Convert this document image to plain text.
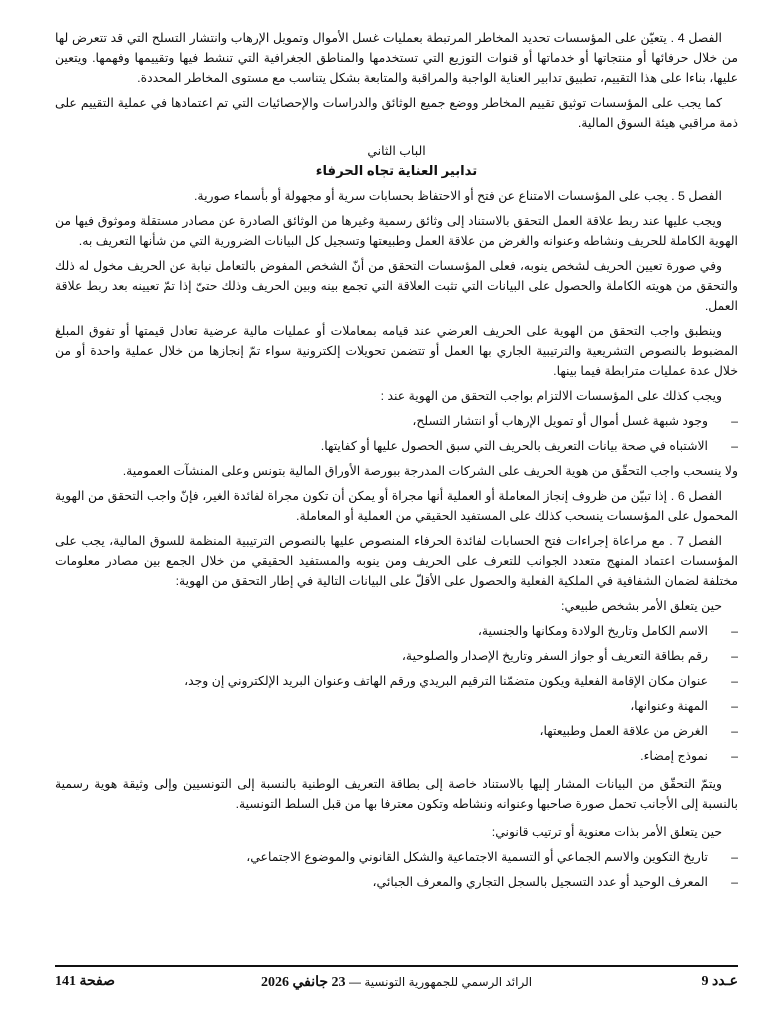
الفصل 4 . يتعيّن على المؤسسات تحديد المخاطر المرتبطة بعمليات غسل الأموال وتمويل الإرهاب وانتشار التسلح التي قد تتعرض لها من خلال حرفائها أو منتجاتها أو خدماتها أو قنوات التوزيع التي تستخدمها والمناطق الجغرافية التي تنشط فيها وتقييمها وفهمها. ويتعين عليها، بناءا على هذا التقييم، تطبيق تدابير العناية الواجبة والمراقبة والمتابعة بشكل يتناسب مع مستوى المخاطر المحددة.

كما يجب على المؤسسات توثيق تقييم المخاطر ووضع جميع الوثائق والدراسات والإحصائيات التي تم اعتمادها في عملية التقييم على ذمة مراقبي هيئة السوق المالية.

الباب الثاني

تدابير العناية تجاه الحرفاء

الفصل 5 . يجب على المؤسسات الامتناع عن فتح أو الاحتفاظ بحسابات سرية أو مجهولة أو بأسماء صورية.

ويجب عليها عند ربط علاقة العمل التحقق بالاستناد إلى وثائق رسمية وغيرها من الوثائق الصادرة عن مصادر مستقلة وموثوق فيها من الهوية الكاملة للحريف ونشاطه وعنوانه والغرض من علاقة العمل وطبيعتها وتسجيل كل البيانات الضرورية التي من شأنها التعريف به.

وفي صورة تعيين الحريف لشخص ينوبه، فعلى المؤسسات التحقق من أنّ الشخص المفوض بالتعامل نيابة عن الحريف مخول له ذلك والتحقق من هويته الكاملة والحصول على البيانات التي تثبت العلاقة التي تجمع بينه وبين الحريف وذلك حتىّ إذا تمّ تعيينه بعد ربط علاقة العمل.

وينطبق واجب التحقق من الهوية على الحريف العرضي عند قيامه بمعاملات أو عمليات مالية عرضية تعادل قيمتها أو تفوق المبلغ المضبوط بالنصوص التشريعية والترتيبية الجاري بها العمل أو تتضمن تحويلات إلكترونية سواء تمّ إنجازها من خلال عملية واحدة أو من خلال عدة عمليات مترابطة فيما بينها.

ويجب كذلك على المؤسسات الالتزام بواجب التحقق من الهوية عند :

–
وجود شبهة غسل أموال أو تمويل الإرهاب أو انتشار التسلح،
–
الاشتباه في صحة بيانات التعريف بالحريف التي سبق الحصول عليها أو كفايتها.

ولا ينسحب واجب التحقّق من هوية الحريف على الشركات المدرجة ببورصة الأوراق المالية بتونس وعلى المنشآت العمومية.

الفصل 6 . إذا تبيّن من ظروف إنجاز المعاملة أو العملية أنها مجراة أو يمكن أن تكون مجراة لفائدة الغير، فإنّ واجب التحقق من الهوية المحمول على المؤسسات ينسحب كذلك على المستفيد الحقيقي من العملية أو المعاملة.

الفصل 7 . مع مراعاة إجراءات فتح الحسابات لفائدة الحرفاء المنصوص عليها بالنصوص الترتيبية المنظمة للسوق المالية، يجب على المؤسسات اعتماد المنهج متعدد الجوانب للتعرف على الحريف ومن ينوبه والمستفيد الحقيقي من خلال الجمع بين مصادر معلومات مختلفة لضمان الشفافية في الملكية الفعلية والحصول على الأقلّ على البيانات التالية في إطار التحقق من الهوية:

حين يتعلق الأمر بشخص طبيعي:

–
الاسم الكامل وتاريخ الولادة ومكانها والجنسية،
–
رقم بطاقة التعريف أو جواز السفر وتاريخ الإصدار والصلوحية،
–
عنوان مكان الإقامة الفعلية ويكون متضمّنا الترقيم البريدي ورقم الهاتف وعنوان البريد الإلكتروني إن وجد،
–
المهنة وعنوانها،
–
الغرض من علاقة العمل وطبيعتها،
–
نموذج إمضاء.

ويتمّ التحقّق من البيانات المشار إليها بالاستناد خاصة إلى بطاقة التعريف الوطنية بالنسبة إلى التونسيين وإلى وثيقة هوية رسمية بالنسبة إلى الأجانب تحمل صورة صاحبها وعنوانه ونشاطه وتكون معترفا بها من قبل السلط التونسية.

حين يتعلق الأمر بذات معنوية أو ترتيب قانوني:

–
تاريخ التكوين والاسم الجماعي أو التسمية الاجتماعية والشكل القانوني والموضوع الاجتماعي،
–
المعرف الوحيد أو عدد التسجيل بالسجل التجاري والمعرف الجبائي،
عـدد 9
الرائد الرسمي للجمهورية التونسية — 23 جانفي 2026
صفحة 141
